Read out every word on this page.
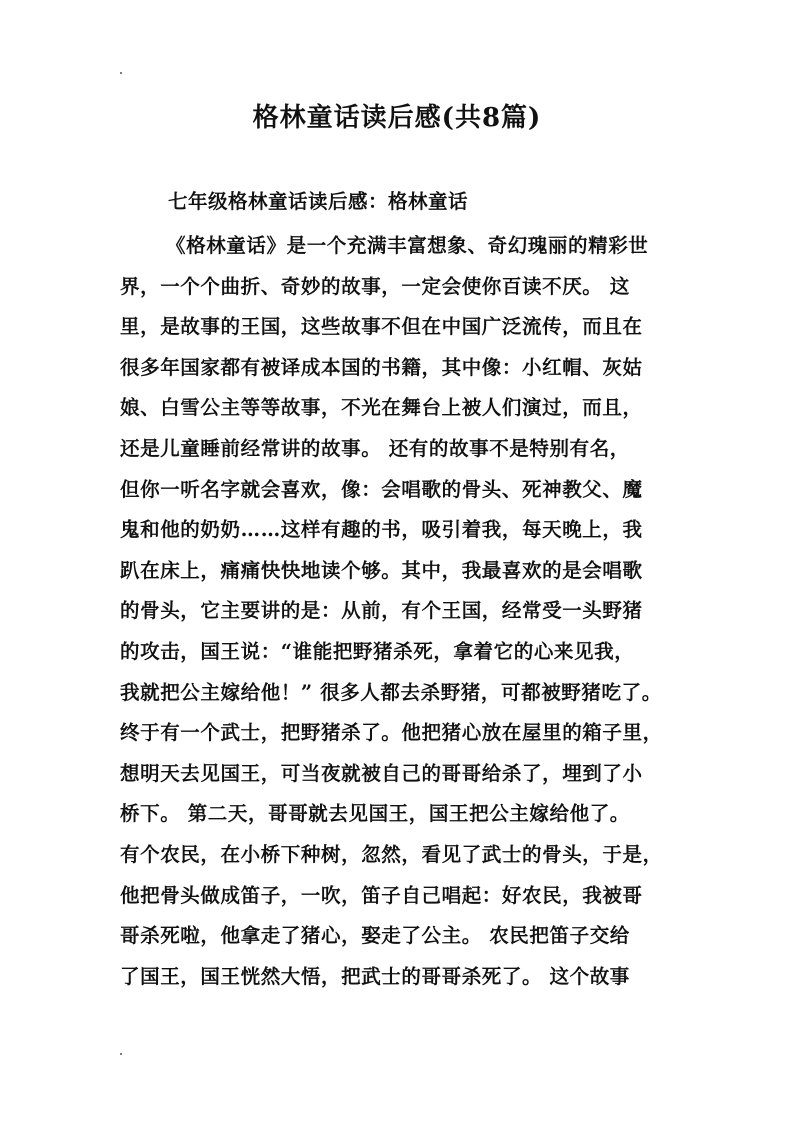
格林童话读后感(共8篇)
七年级格林童话读后感：格林童话
《格林童话》是一个充满丰富想象、奇幻瑰丽的精彩世
界，一个个曲折、奇妙的故事，一定会使你百读不厌。 这
里，是故事的王国，这些故事不但在中国广泛流传，而且在
很多年国家都有被译成本国的书籍，其中像：小红帽、灰姑
娘、白雪公主等等故事，不光在舞台上被人们演过，而且，
还是儿童睡前经常讲的故事。 还有的故事不是特别有名，
但你一听名字就会喜欢，像：会唱歌的骨头、死神教父、魔
鬼和他的奶奶……这样有趣的书，吸引着我，每天晚上，我
趴在床上，痛痛快快地读个够。其中，我最喜欢的是会唱歌
的骨头，它主要讲的是：从前，有个王国，经常受一头野猪
的攻击，国王说：“谁能把野猪杀死，拿着它的心来见我，
我就把公主嫁给他！” 很多人都去杀野猪，可都被野猪吃了。
终于有一个武士，把野猪杀了。他把猪心放在屋里的箱子里，
想明天去见国王，可当夜就被自己的哥哥给杀了，埋到了小
桥下。 第二天，哥哥就去见国王，国王把公主嫁给他了。
有个农民，在小桥下种树，忽然，看见了武士的骨头，于是，
他把骨头做成笛子，一吹，笛子自己唱起：好农民，我被哥
哥杀死啦，他拿走了猪心，娶走了公主。 农民把笛子交给
了国王，国王恍然大悟，把武士的哥哥杀死了。 这个故事
